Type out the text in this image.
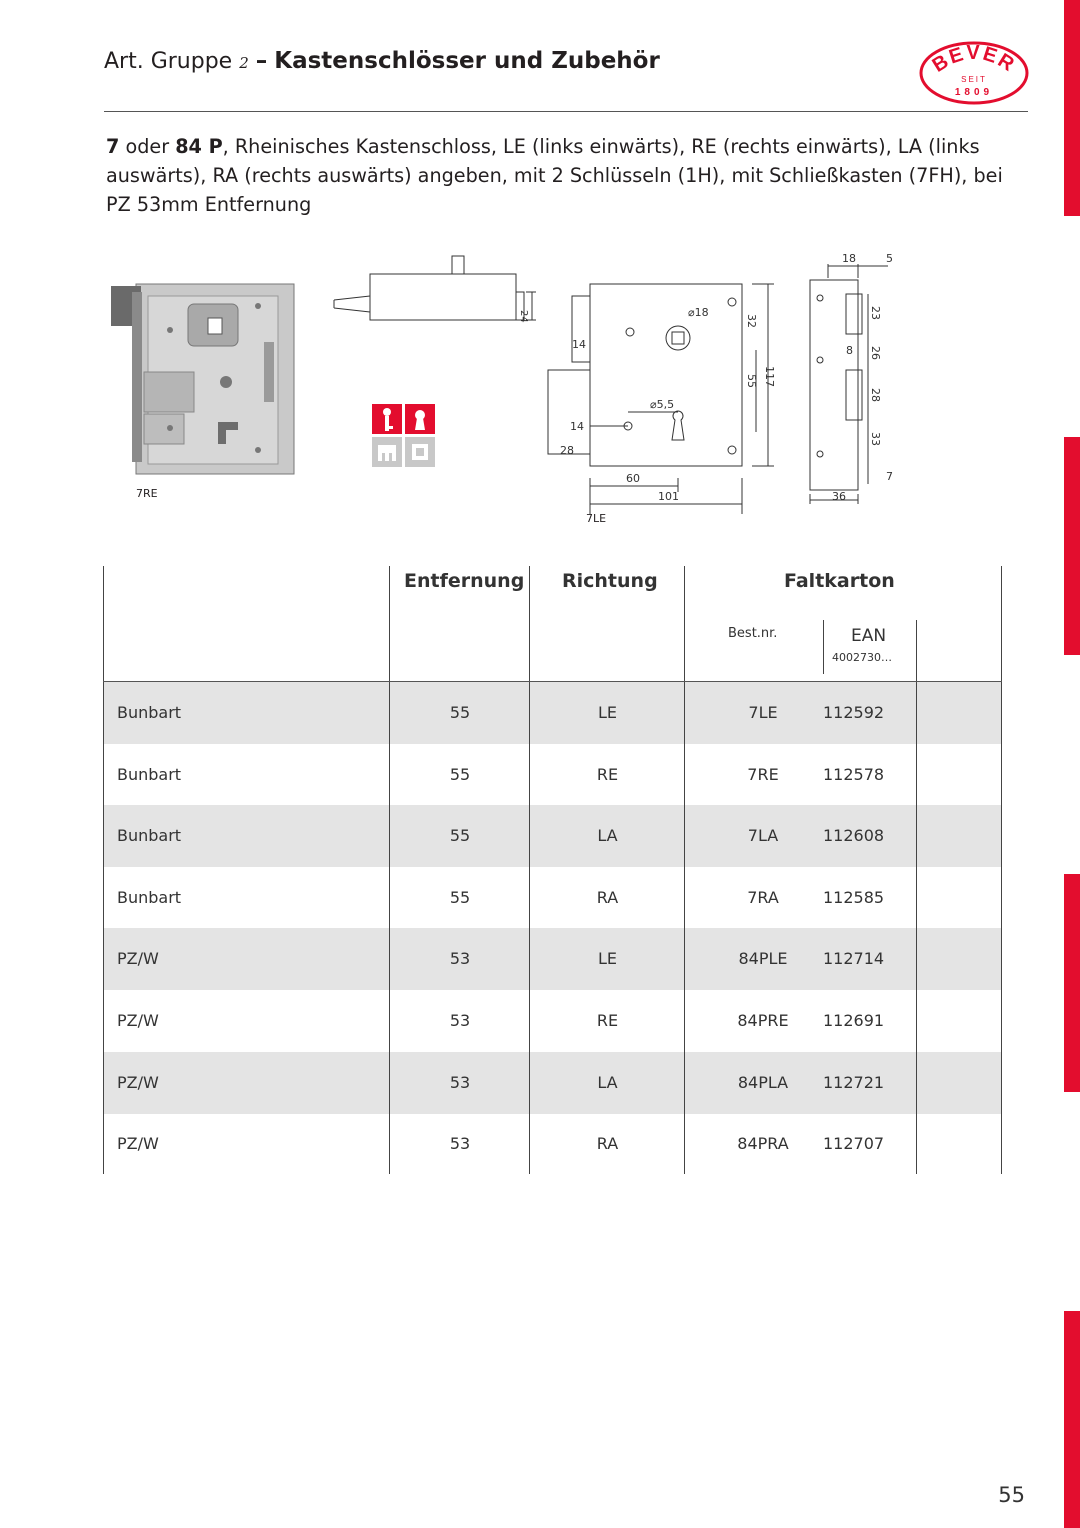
Art. Gruppe 2 – Kastenschlösser und Zubehör	BEVER
SEIT
1809
7 oder 84 P, Rheinisches Kastenschloss, LE (links einwärts), RE (rechts einwärts), LA (links auswärts), RA (rechts auswärts) angeben, mit 2 Schlüsseln (1H), mit Schließkasten (7FH), bei PZ 53mm Entfernung
7RE
24	⌀18
32
14
55 117
⌀5,5
14
28
60
101
7LE
18	5
23
8 26
28
33
7
36
Entfernung Richtung	Faltkarton
Best.nr.	EAN
4002730…
Bunbart	55	LE	7LE	112592
Bunbart	55	RE	7RE	112578
Bunbart	55	LA	7LA	112608
Bunbart	55	RA	7RA	112585
PZ/W	53	LE	84PLE	112714
PZ/W	53	RE	84PRE	112691
PZ/W	53	LA	84PLA	112721
PZ/W	53	RA	84PRA	112707
55
